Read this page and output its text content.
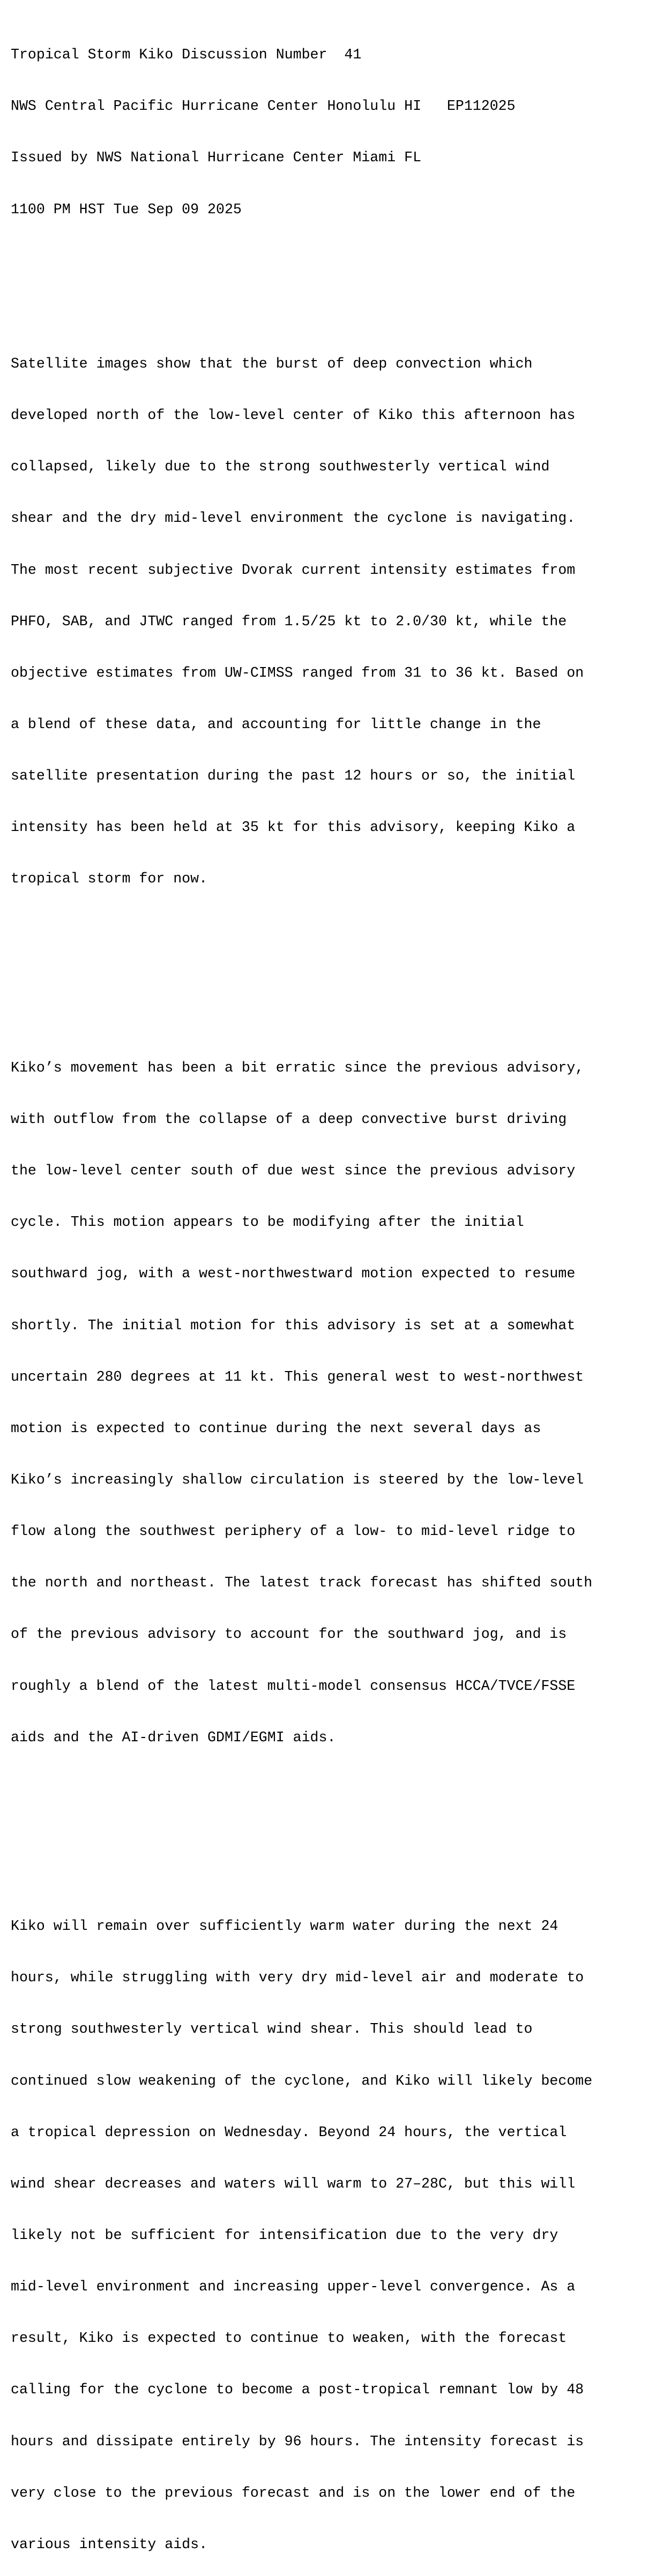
Tropical Storm Kiko Discussion Number  41

NWS Central Pacific Hurricane Center Honolulu HI   EP112025

Issued by NWS National Hurricane Center Miami FL

1100 PM HST Tue Sep 09 2025

Satellite images show that the burst of deep convection which

developed north of the low-level center of Kiko this afternoon has

collapsed, likely due to the strong southwesterly vertical wind

shear and the dry mid-level environment the cyclone is navigating.

The most recent subjective Dvorak current intensity estimates from

PHFO, SAB, and JTWC ranged from 1.5/25 kt to 2.0/30 kt, while the

objective estimates from UW-CIMSS ranged from 31 to 36 kt. Based on

a blend of these data, and accounting for little change in the

satellite presentation during the past 12 hours or so, the initial

intensity has been held at 35 kt for this advisory, keeping Kiko a

tropical storm for now.

Kiko’s movement has been a bit erratic since the previous advisory,

with outflow from the collapse of a deep convective burst driving

the low-level center south of due west since the previous advisory

cycle. This motion appears to be modifying after the initial

southward jog, with a west-northwestward motion expected to resume

shortly. The initial motion for this advisory is set at a somewhat

uncertain 280 degrees at 11 kt. This general west to west-northwest

motion is expected to continue during the next several days as

Kiko’s increasingly shallow circulation is steered by the low-level

flow along the southwest periphery of a low- to mid-level ridge to

the north and northeast. The latest track forecast has shifted south

of the previous advisory to account for the southward jog, and is

roughly a blend of the latest multi-model consensus HCCA/TVCE/FSSE

aids and the AI-driven GDMI/EGMI aids.

Kiko will remain over sufficiently warm water during the next 24

hours, while struggling with very dry mid-level air and moderate to

strong southwesterly vertical wind shear. This should lead to

continued slow weakening of the cyclone, and Kiko will likely become

a tropical depression on Wednesday. Beyond 24 hours, the vertical

wind shear decreases and waters will warm to 27–28C, but this will

likely not be sufficient for intensification due to the very dry

mid-level environment and increasing upper-level convergence. As a

result, Kiko is expected to continue to weaken, with the forecast

calling for the cyclone to become a post-tropical remnant low by 48

hours and dissipate entirely by 96 hours. The intensity forecast is

very close to the previous forecast and is on the lower end of the

various intensity aids.
